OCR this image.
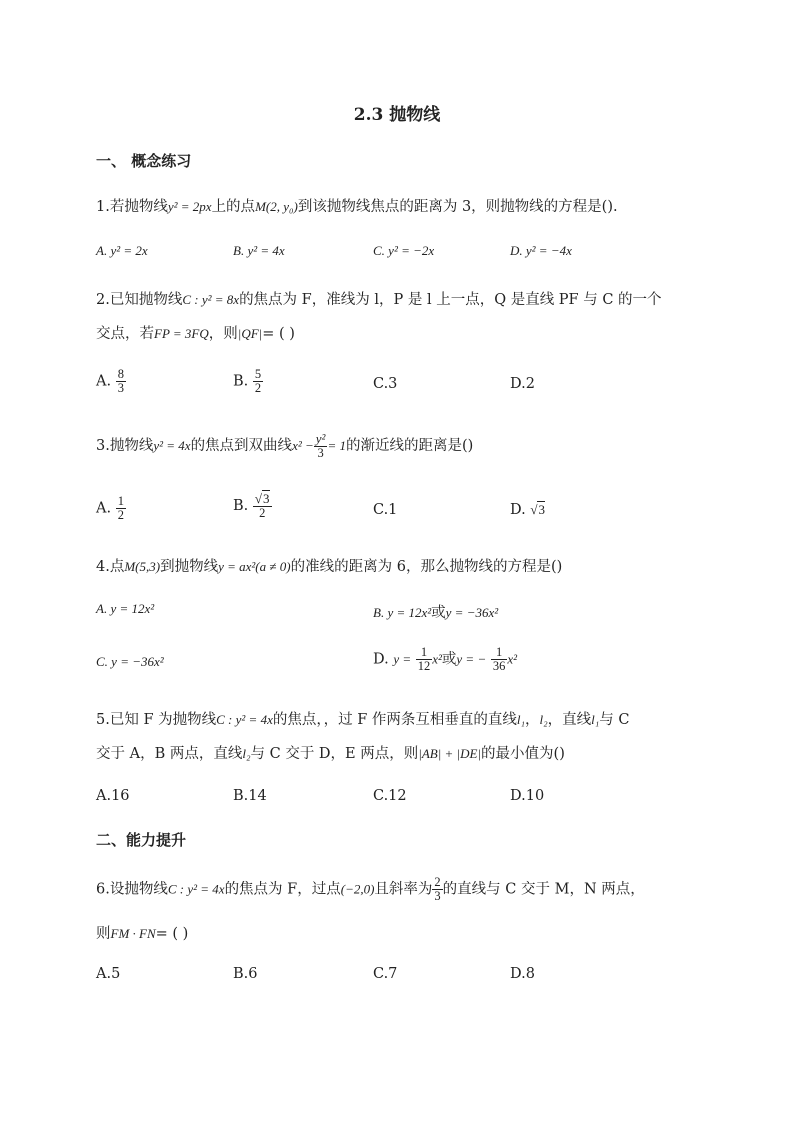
2.3 抛物线
一、 概念练习
1.若抛物线y² = 2px上的点M(2, y₀)到该抛物线焦点的距离为 3，则抛物线的方程是().
A. y² = 2x	B. y² = 4x	C. y² = −2x	D. y² = −4x
2.已知抛物线C : y² = 8x的焦点为 F，准线为 l，P 是 l 上一点，Q 是直线 PF 与 C 的一个
交点，若FP = 3FQ，则|QF|= ( )
A. $\frac{8}{3}$	B. $\frac{5}{2}$	C.3	D.2
3.抛物线y² = 4x的焦点到双曲线$x^2 - \frac{\text{y²}}{3} = 1$的渐近线的距离是()
A. $\frac{1}{2}$	B. $\frac{√3}{2}$	C.1	D. √3
4.点M(5,3)到抛物线y = ax²(a ≠ 0)的准线的距离为 6，那么抛物线的方程是()
A. y = 12x²	B. y = 12x²或y = −36x²
C. y = −36x²	D. $y = \frac{1}{12} x^2$或y = − $\frac{1}{36} x^2$
5.已知 F 为抛物线C : y² = 4x的焦点，，过 F 作两条互相垂直的直线l₁，l₂，直线l₁与 C
交于 A，B 两点，直线l₂与 C 交于 D，E 两点，则|AB| + |DE|的最小值为()
A.16	B.14	C.12	D.10
二、能力提升
6.设抛物线C : y² = 4x的焦点为 F，过点(−2,0)且斜率为 $\frac{2}{3}$ 的直线与 C 交于 M，N 两点，
则FM · FN= ( )
A.5	B.6	C.7	D.8
